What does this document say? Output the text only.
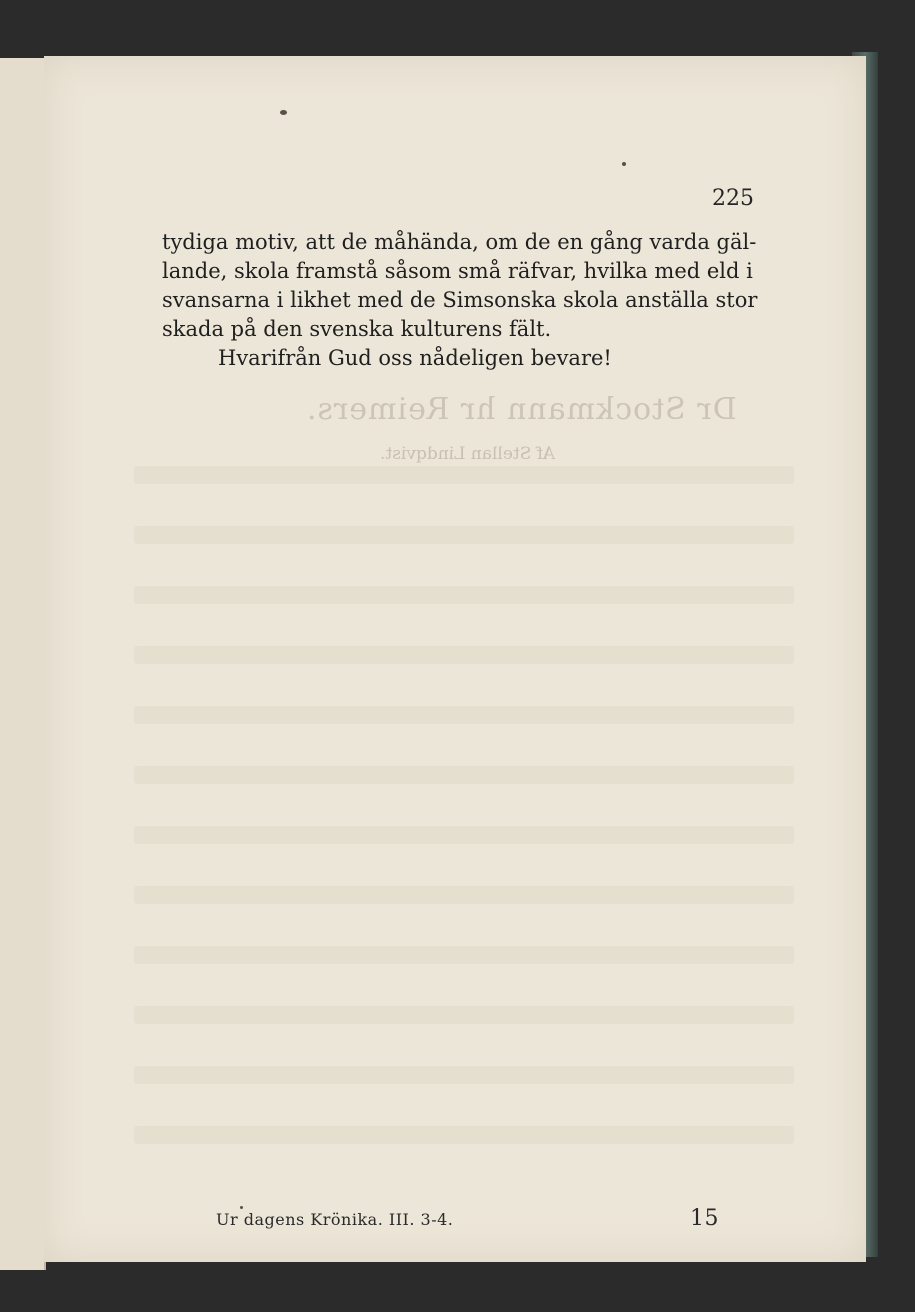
Dr Stockmann hr Reimers.
Af Stellan Lindqvist.
225

tydiga motiv, att de måhända, om de en gång varda gäl-

lande, skola framstå såsom små räfvar, hvilka med eld i

svansarna i likhet med de Simsonska skola anställa stor

skada på den svenska kulturens fält.

Hvarifrån Gud oss nådeligen bevare!

Ur dagens Krönika. III. 3-4.	15
